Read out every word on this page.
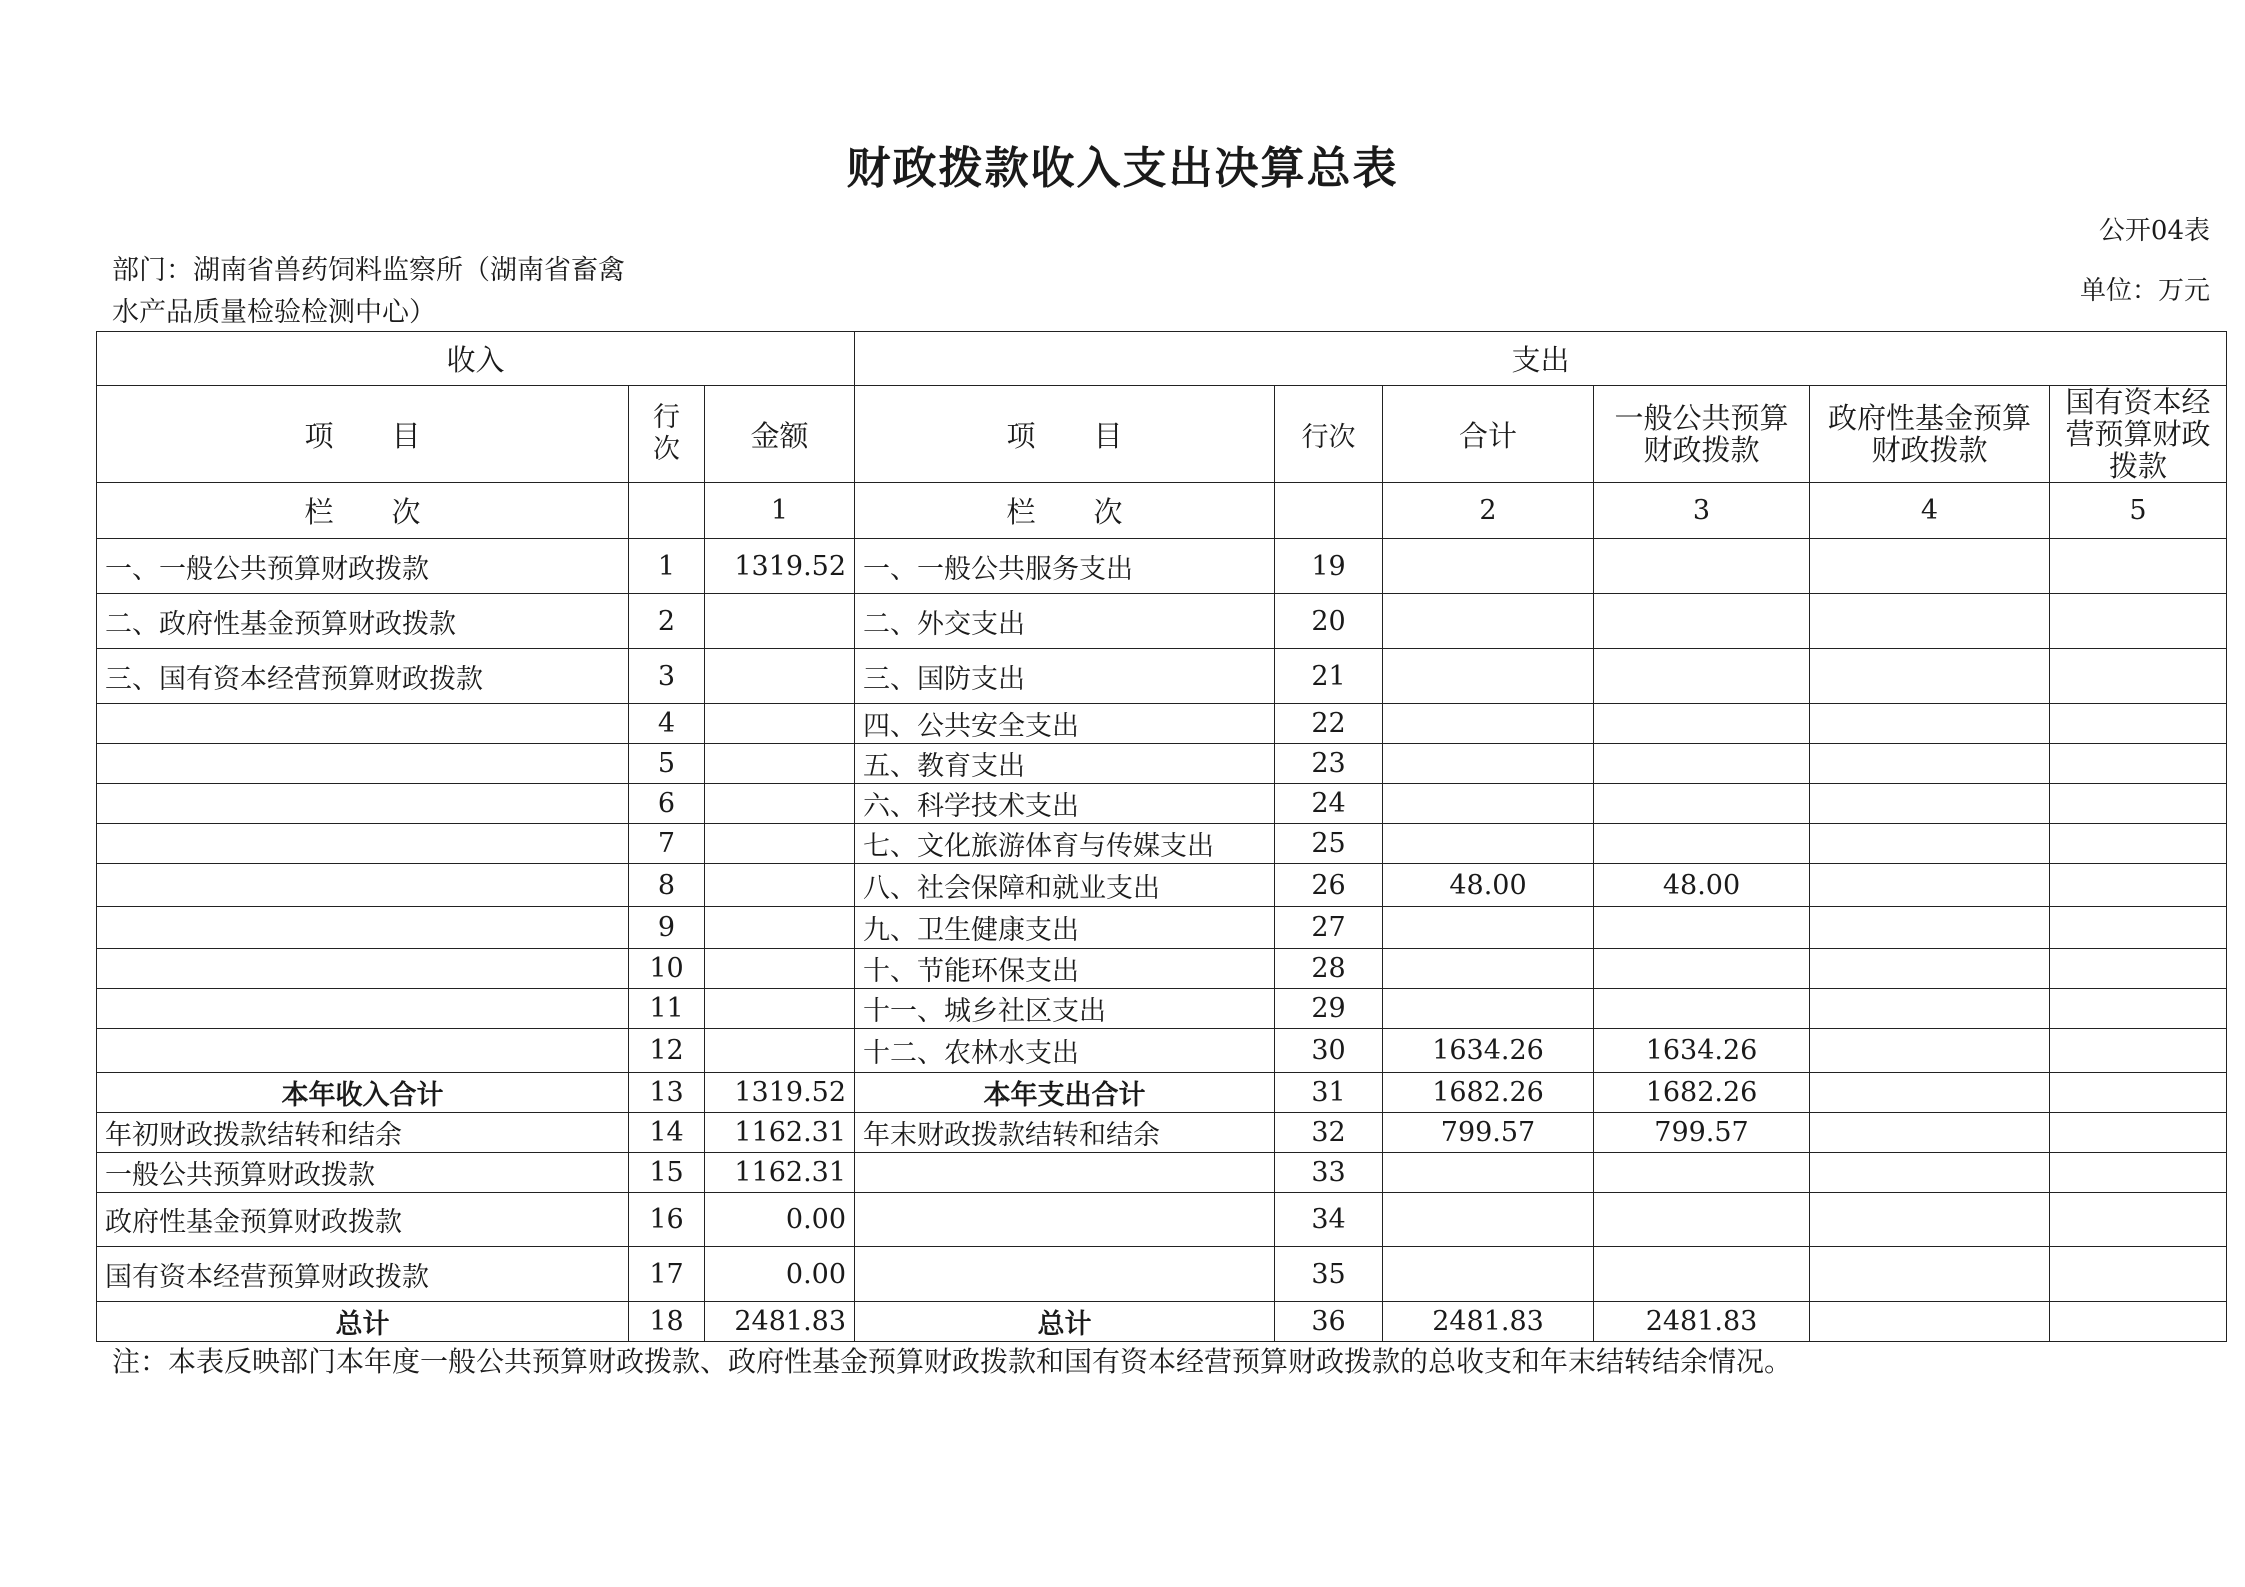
财政拨款收入支出决算总表
公开04表
部门：湖南省兽药饲料监察所（湖南省畜禽水产品质量检验检测中心）
单位：万元
收入			支出					
项　　目	行次	金额	项　　目	行次	合计	一般公共预算财政拨款	政府性基金预算财政拨款	国有资本经营预算财政拨款
栏　　次		1	栏　　次		2	3	4	5
一、一般公共预算财政拨款	1	1319.52	一、一般公共服务支出	19				
二、政府性基金预算财政拨款	2		二、外交支出	20				
三、国有资本经营预算财政拨款	3		三、国防支出	21				
	4		四、公共安全支出	22				
	5		五、教育支出	23				
	6		六、科学技术支出	24				
	7		七、文化旅游体育与传媒支出	25				
	8		八、社会保障和就业支出	26	48.00	48.00		
	9		九、卫生健康支出	27				
	10		十、节能环保支出	28				
	11		十一、城乡社区支出	29				
	12		十二、农林水支出	30	1634.26	1634.26		
本年收入合计	13	1319.52	本年支出合计	31	1682.26	1682.26		
年初财政拨款结转和结余	14	1162.31	年末财政拨款结转和结余	32	799.57	799.57		
一般公共预算财政拨款	15	1162.31		33				
政府性基金预算财政拨款	16	0.00		34				
国有资本经营预算财政拨款	17	0.00		35				
总计	18	2481.83	总计	36	2481.83	2481.83		
注：本表反映部门本年度一般公共预算财政拨款、政府性基金预算财政拨款和国有资本经营预算财政拨款的总收支和年末结转结余情况。
